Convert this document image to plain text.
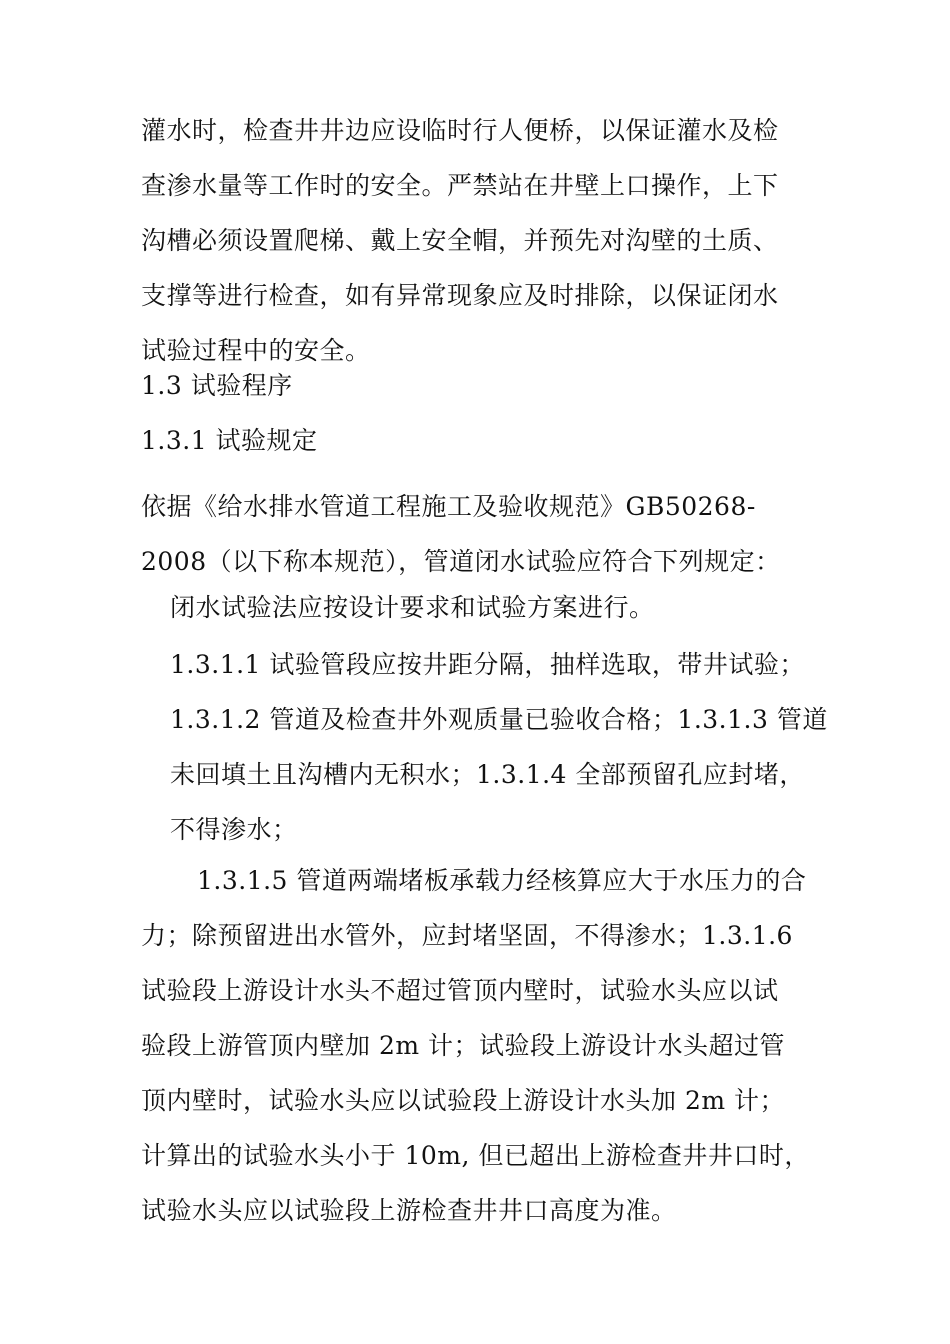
灌水时，检查井井边应设临时行人便桥，以保证灌水及检
查渗水量等工作时的安全。严禁站在井壁上口操作，上下
沟槽必须设置爬梯、戴上安全帽，并预先对沟壁的土质、
支撑等进行检查，如有异常现象应及时排除，以保证闭水
试验过程中的安全。
1.3 试验程序
1.3.1 试验规定
依据《给水排水管道工程施工及验收规范》GB50268-
2008（以下称本规范），管道闭水试验应符合下列规定：
闭水试验法应按设计要求和试验方案进行。
1.3.1.1 试验管段应按井距分隔，抽样选取，带井试验；
1.3.1.2 管道及检查井外观质量已验收合格；1.3.1.3 管道
未回填土且沟槽内无积水；1.3.1.4 全部预留孔应封堵，
不得渗水；
1.3.1.5 管道两端堵板承载力经核算应大于水压力的合
力；除预留进出水管外，应封堵坚固，不得渗水；1.3.1.6
试验段上游设计水头不超过管顶内壁时，试验水头应以试
验段上游管顶内壁加 2m 计；试验段上游设计水头超过管
顶内壁时，试验水头应以试验段上游设计水头加 2m 计；
计算出的试验水头小于 10m, 但已超出上游检查井井口时，
试验水头应以试验段上游检查井井口高度为准。
